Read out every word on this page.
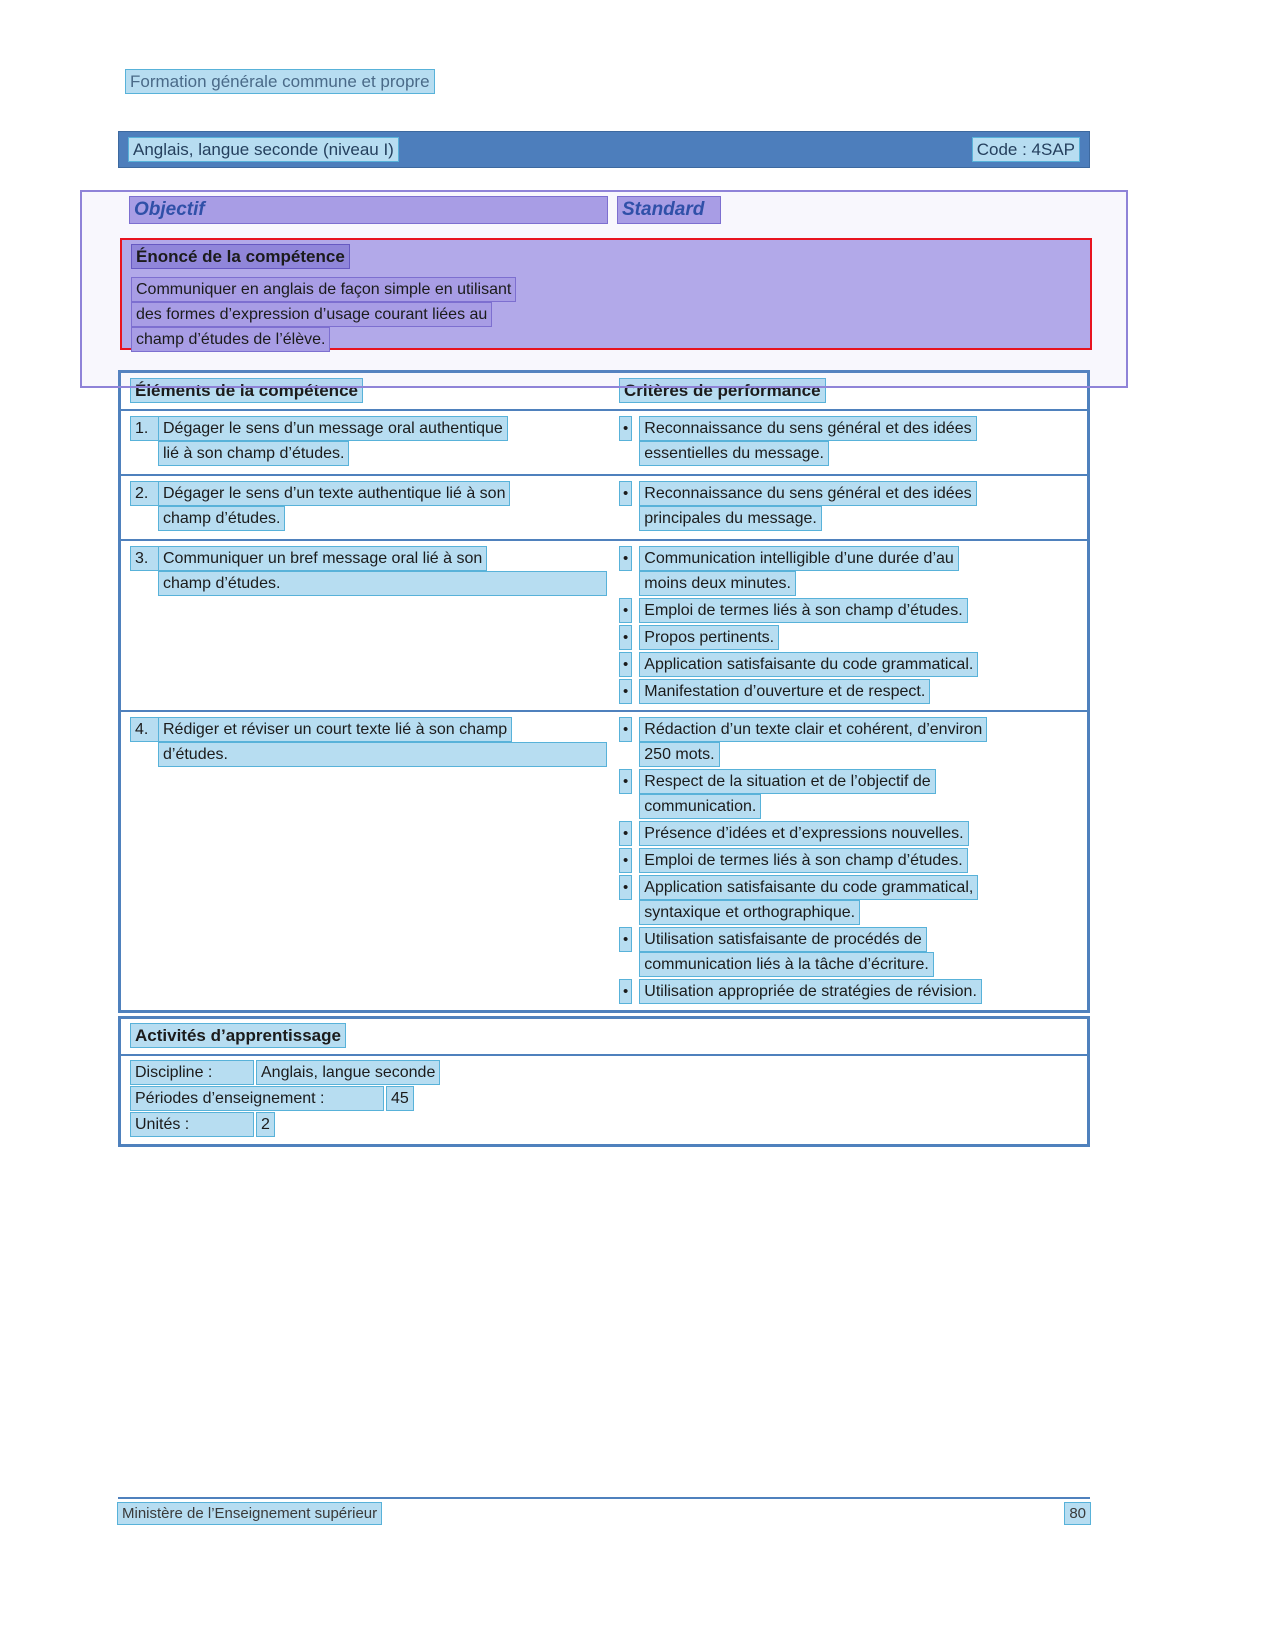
Formation générale commune et propre
Anglais, langue seconde (niveau I)	Code : 4SAP
Objectif	Standard
Énoncé de la compétence
Communiquer en anglais de façon simple en utilisant
des formes d’expression d’usage courant liées au
champ d’études de l’élève.
Éléments de la compétence	Critères de performance
1. Dégager le sens d’un message oral authentique
lié à son champ d’études.
• Reconnaissance du sens général et des idées
essentielles du message.
2. Dégager le sens d’un texte authentique lié à son
champ d’études.
• Reconnaissance du sens général et des idées
principales du message.
3. Communiquer un bref message oral lié à son
champ d’études.
• Communication intelligible d’une durée d’au
moins deux minutes.
• Emploi de termes liés à son champ d’études.
• Propos pertinents.
• Application satisfaisante du code grammatical.
• Manifestation d’ouverture et de respect.
4. Rédiger et réviser un court texte lié à son champ
d’études.
• Rédaction d’un texte clair et cohérent, d’environ
250 mots.
• Respect de la situation et de l’objectif de
communication.
• Présence d’idées et d’expressions nouvelles.
• Emploi de termes liés à son champ d’études.
• Application satisfaisante du code grammatical,
syntaxique et orthographique.
• Utilisation satisfaisante de procédés de
communication liés à la tâche d’écriture.
• Utilisation appropriée de stratégies de révision.
Activités d’apprentissage
Discipline :	Anglais, langue seconde
Périodes d’enseignement :	45
Unités :	2
Ministère de l’Enseignement supérieur	80
